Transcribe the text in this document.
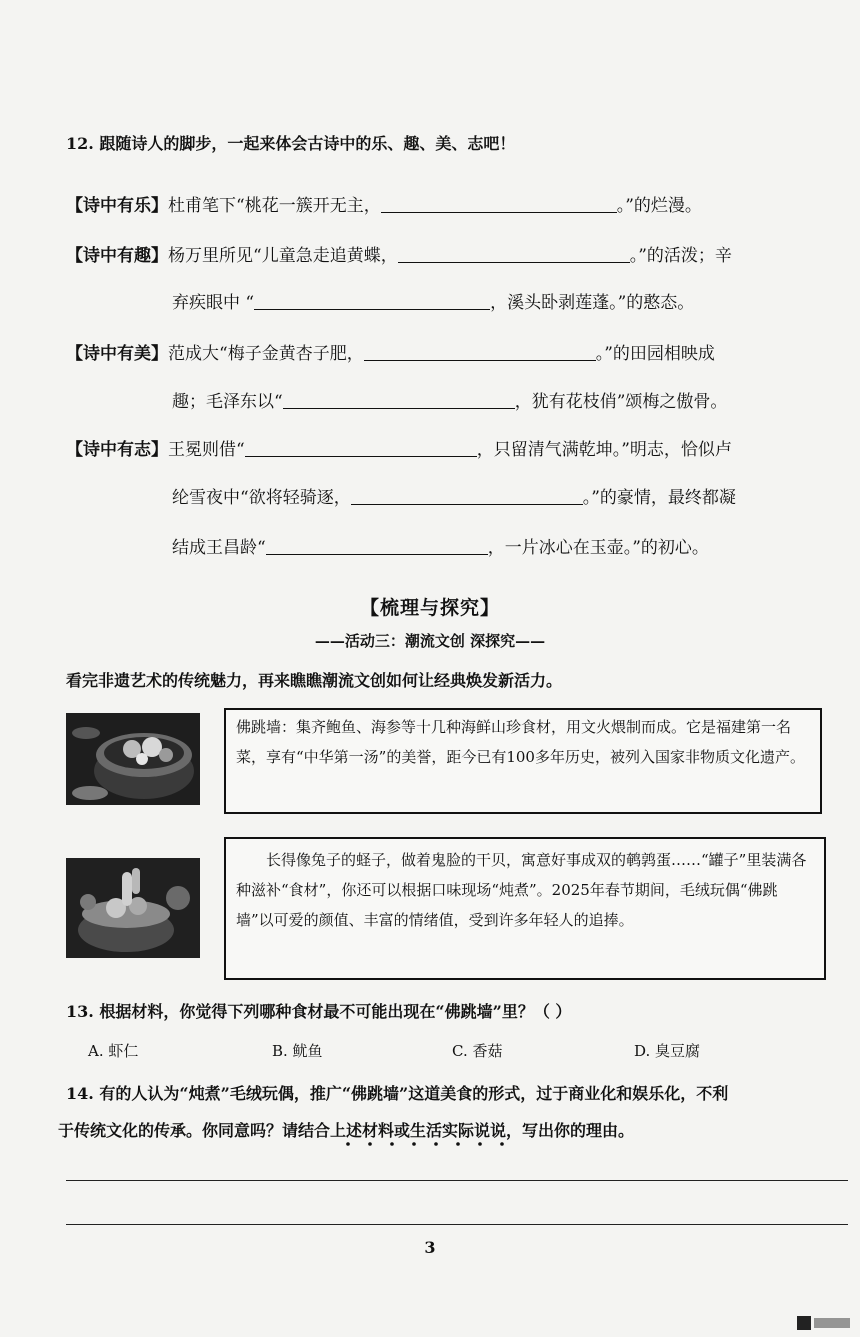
12. 跟随诗人的脚步，一起来体会古诗中的乐、趣、美、志吧！
【诗中有乐】杜甫笔下“桃花一簇开无主，	。”的烂漫。
【诗中有趣】杨万里所见“儿童急走追黄蝶，	。”的活泼；辛
弃疾眼中 “	，溪头卧剥莲蓬。”的憨态。
【诗中有美】范成大“梅子金黄杏子肥，	。”的田园相映成
趣；毛泽东以“	，犹有花枝俏”颂梅之傲骨。
【诗中有志】王冕则借“	，只留清气满乾坤。”明志，恰似卢
纶雪夜中“欲将轻骑逐，	。”的豪情，最终都凝
结成王昌龄“	，一片冰心在玉壶。”的初心。
【梳理与探究】
——活动三：潮流文创 深探究——
看完非遗艺术的传统魅力，再来瞧瞧潮流文创如何让经典焕发新活力。
佛跳墙：集齐鲍鱼、海参等十几种海鲜山珍食材，用文火煨制而成。它是福建第一名菜，享有“中华第一汤”的美誉，距今已有100多年历史，被列入国家非物质文化遗产。
长得像兔子的蛏子，做着鬼脸的干贝，寓意好事成双的鹌鹑蛋……“罐子”里装满各种滋补“食材”，你还可以根据口味现场“炖煮”。2025年春节期间，毛绒玩偶“佛跳墙”以可爱的颜值、丰富的情绪值，受到许多年轻人的追捧。
13. 根据材料，你觉得下列哪种食材最不可能出现在“佛跳墙”里？（ ）
A. 虾仁	B. 鱿鱼	C. 香菇	D. 臭豆腐
14. 有的人认为“炖煮”毛绒玩偶，推广“佛跳墙”这道美食的形式，过于商业化和娱乐化，不利
于传统文化的传承。你同意吗？请结合上述材料或生活实际说说，写出你的理由。
3
